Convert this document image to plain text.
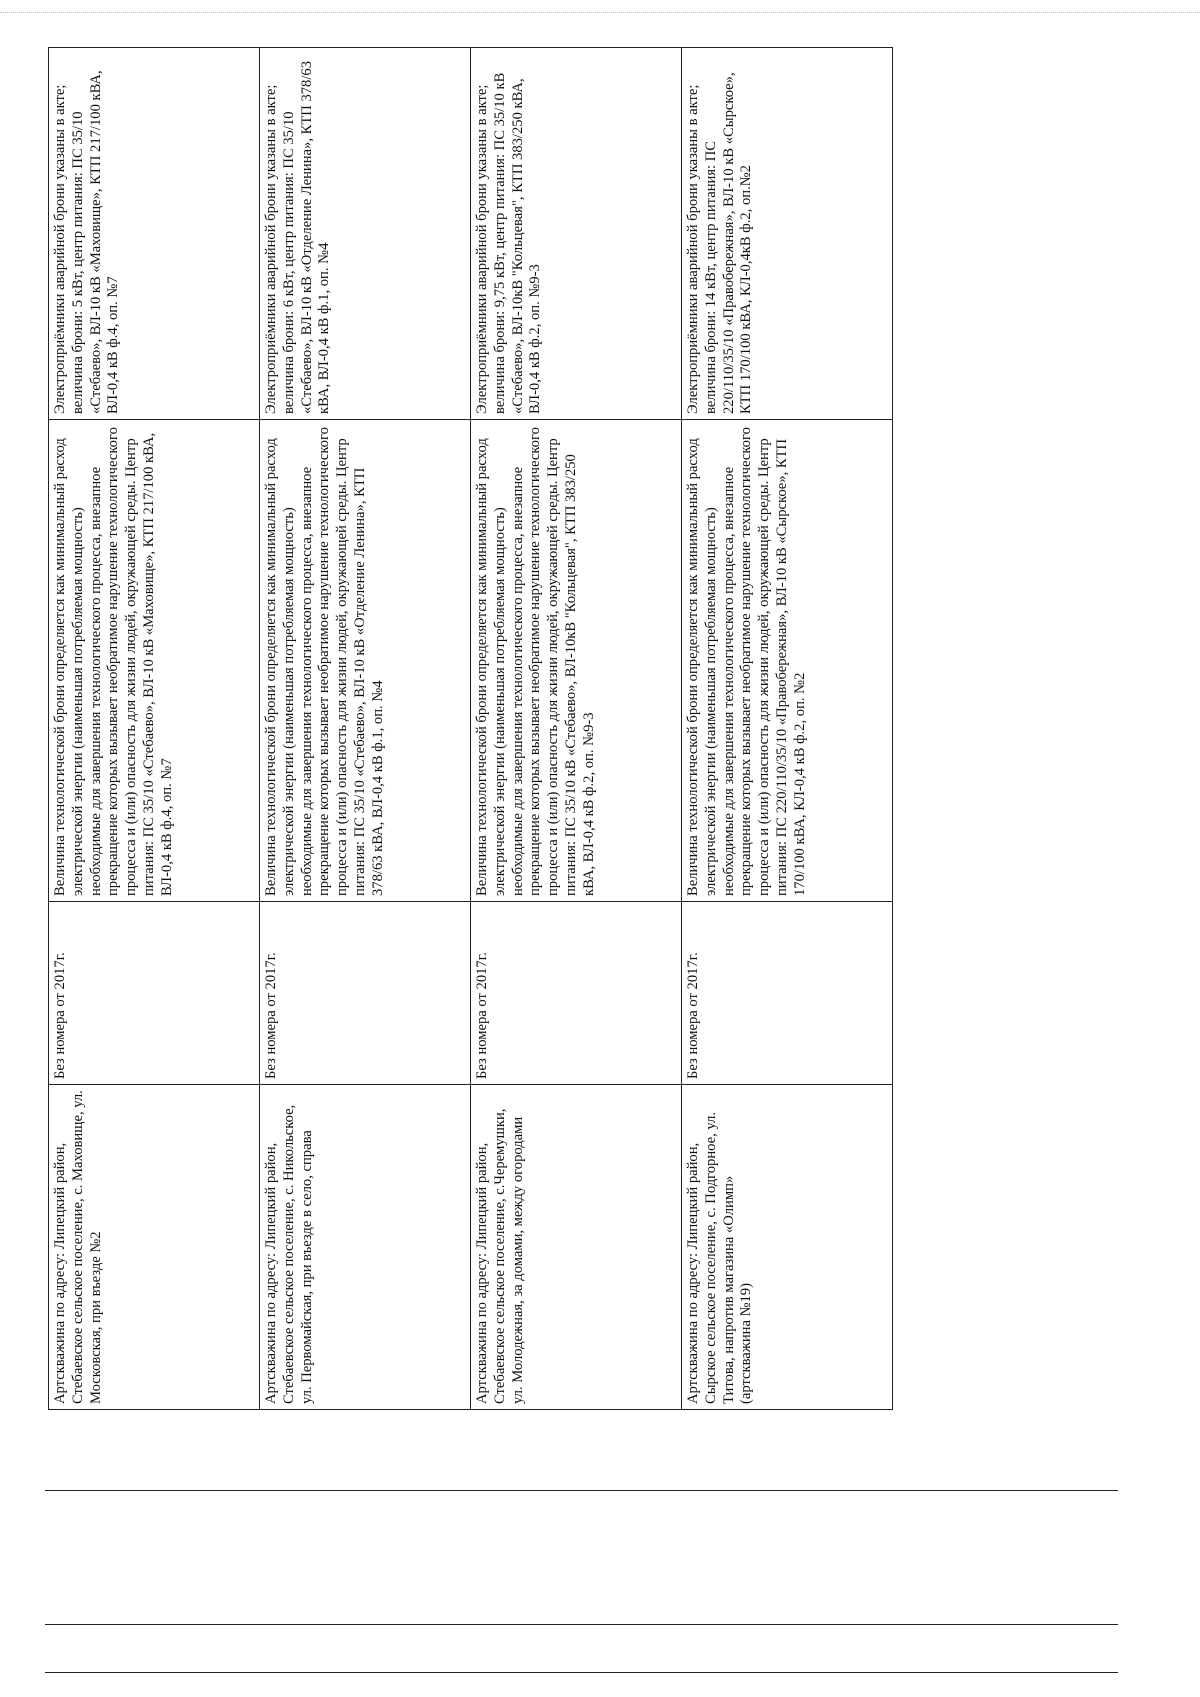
Артскважина по адресу: Липецкий район, Стебаевское сельское поселение, с. Маховище, ул. Московская, при въезде №2	Без номера от 2017г.	Величина технологической брони определяется как минимальный расход электрической энергии (наименьшая потребляемая мощность) необходимые для завершения технологического процесса, внезапное прекращение которых вызывает необратимое нарушение технологического процесса и (или) опасность для жизни людей, окружающей среды. Центр питания: ПС 35/10 «Стебаево», ВЛ-10 кВ «Маховище», КТП 217/100 кВА, ВЛ-0,4 кВ ф.4, оп. №7	Электроприёмники аварийной брони указаны в акте; величина брони: 5 кВт, центр питания: ПС 35/10 «Стебаево», ВЛ-10 кВ «Маховище», КТП 217/100 кВА, ВЛ-0,4 кВ ф.4, оп. №7
Артскважина по адресу: Липецкий район, Стебаевское сельское поселение, с. Никольское, ул. Первомайская, при въезде в село, справа	Без номера от 2017г.	Величина технологической брони определяется как минимальный расход электрической энергии (наименьшая потребляемая мощность) необходимые для завершения технологического процесса, внезапное прекращение которых вызывает необратимое нарушение технологического процесса и (или) опасность для жизни людей, окружающей среды. Центр питания: ПС 35/10 «Стебаево», ВЛ-10 кВ «Отделение Ленина», КТП 378/63 кВА, ВЛ-0,4 кВ ф.1, оп. №4	Электроприёмники аварийной брони указаны в акте; величина брони: 6 кВт, центр питания: ПС 35/10 «Стебаево», ВЛ-10 кВ «Отделение Ленина», КТП 378/63 кВА, ВЛ-0,4 кВ ф.1, оп. №4
Артскважина по адресу: Липецкий район, Стебаевское сельское поселение, с.Черемушки, ул. Молодежная, за домами, между огородами	Без номера от 2017г.	Величина технологической брони определяется как минимальный расход электрической энергии (наименьшая потребляемая мощность) необходимые для завершения технологического процесса, внезапное прекращение которых вызывает необратимое нарушение технологического процесса и (или) опасность для жизни людей, окружающей среды. Центр питания: ПС 35/10 кВ «Стебаево», ВЛ-10кВ "Кольцевая", КТП 383/250 кВА, ВЛ-0,4 кВ ф.2, оп. №9-3	Электроприёмники аварийной брони указаны в акте; величина брони: 9,75 кВт, центр питания: ПС 35/10 кВ «Стебаево», ВЛ-10кВ "Кольцевая", КТП 383/250 кВА, ВЛ-0,4 кВ ф.2, оп. №9-3
Артскважина по адресу: Липецкий район, Сырское сельское поселение, с. Подгорное, ул. Титова, напротив магазина «Олимп» (артскважина №19)	Без номера от 2017г.	Величина технологической брони определяется как минимальный расход электрической энергии (наименьшая потребляемая мощность) необходимые для завершения технологического процесса, внезапное прекращение которых вызывает необратимое нарушение технологического процесса и (или) опасность для жизни людей, окружающей среды. Центр питания: ПС 220/110/35/10 «Правобережная», ВЛ-10 кВ «Сырское», КТП 170/100 кВА, КЛ-0,4 кВ ф.2, оп. №2	Электроприёмники аварийной брони указаны в акте; величина брони: 14 кВт, центр питания: ПС 220/110/35/10 «Правобережная», ВЛ-10 кВ «Сырское», КТП 170/100 кВА, КЛ-0,4кВ ф.2, оп.№2
